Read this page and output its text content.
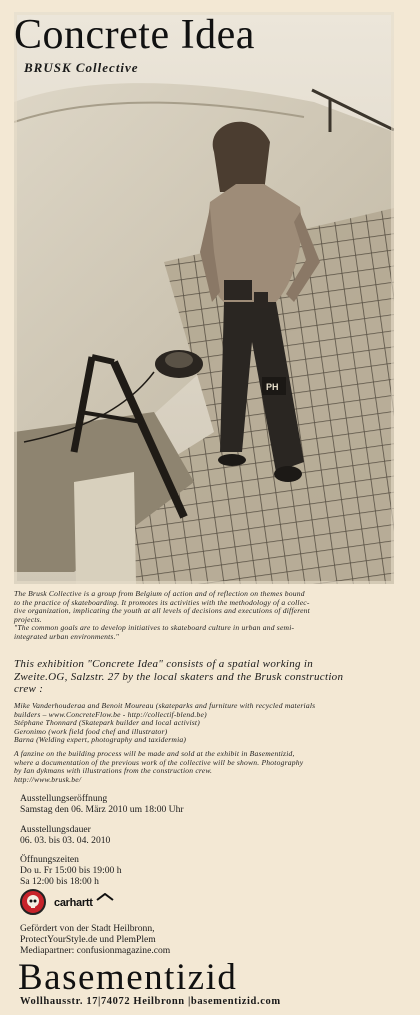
PH
Concrete Idea
BRUSK Collective
The Brusk Collective is a group from Belgium of action and of reflection on themes bound
to the practice of skateboarding. It promotes its activities with the methodology of a collec-
tive organization, implicating the youth at all levels of decisions and executions of different
projects.
"The common goals are to develop initiatives to skateboard culture in urban and semi-
integrated urban environments."
This exhibition "Concrete Idea" consists of a spatial working in
Zweite.OG, Salzstr. 27 by the local skaters and the Brusk construction
crew :
Mike Vanderhouderaa and Benoit Moureau (skateparks and furniture with recycled materials
builders – www.ConcreteFlow.be - http://collectif-blend.be)
Stéphane Thonnard (Skatepark builder and local activist)
Geronimo (work field food chef and illustrator)
Barna (Welding expert, photography and taxidermia)
A fanzine on the building process will be made and sold at the exhibit in Basementizid,
where a documentation of the previous work of the collective will be shown. Photography
by Ian dykmans with illustrations from the construction crew.
http://www.brusk.be/
Ausstellungseröffnung
Samstag den 06. März 2010 um 18:00 Uhr
Ausstellungsdauer
06. 03. bis 03. 04. 2010
Öffnungszeiten
Do u. Fr 15:00 bis 19:00 h
Sa 12:00 bis 18:00 h
carhartt
Gefördert von der Stadt Heilbronn,
ProtectYourStyle.de und PlemPlem
Mediapartner: confusionmagazine.com
Basementizid
Wollhausstr. 17|74072 Heilbronn |basementizid.com
